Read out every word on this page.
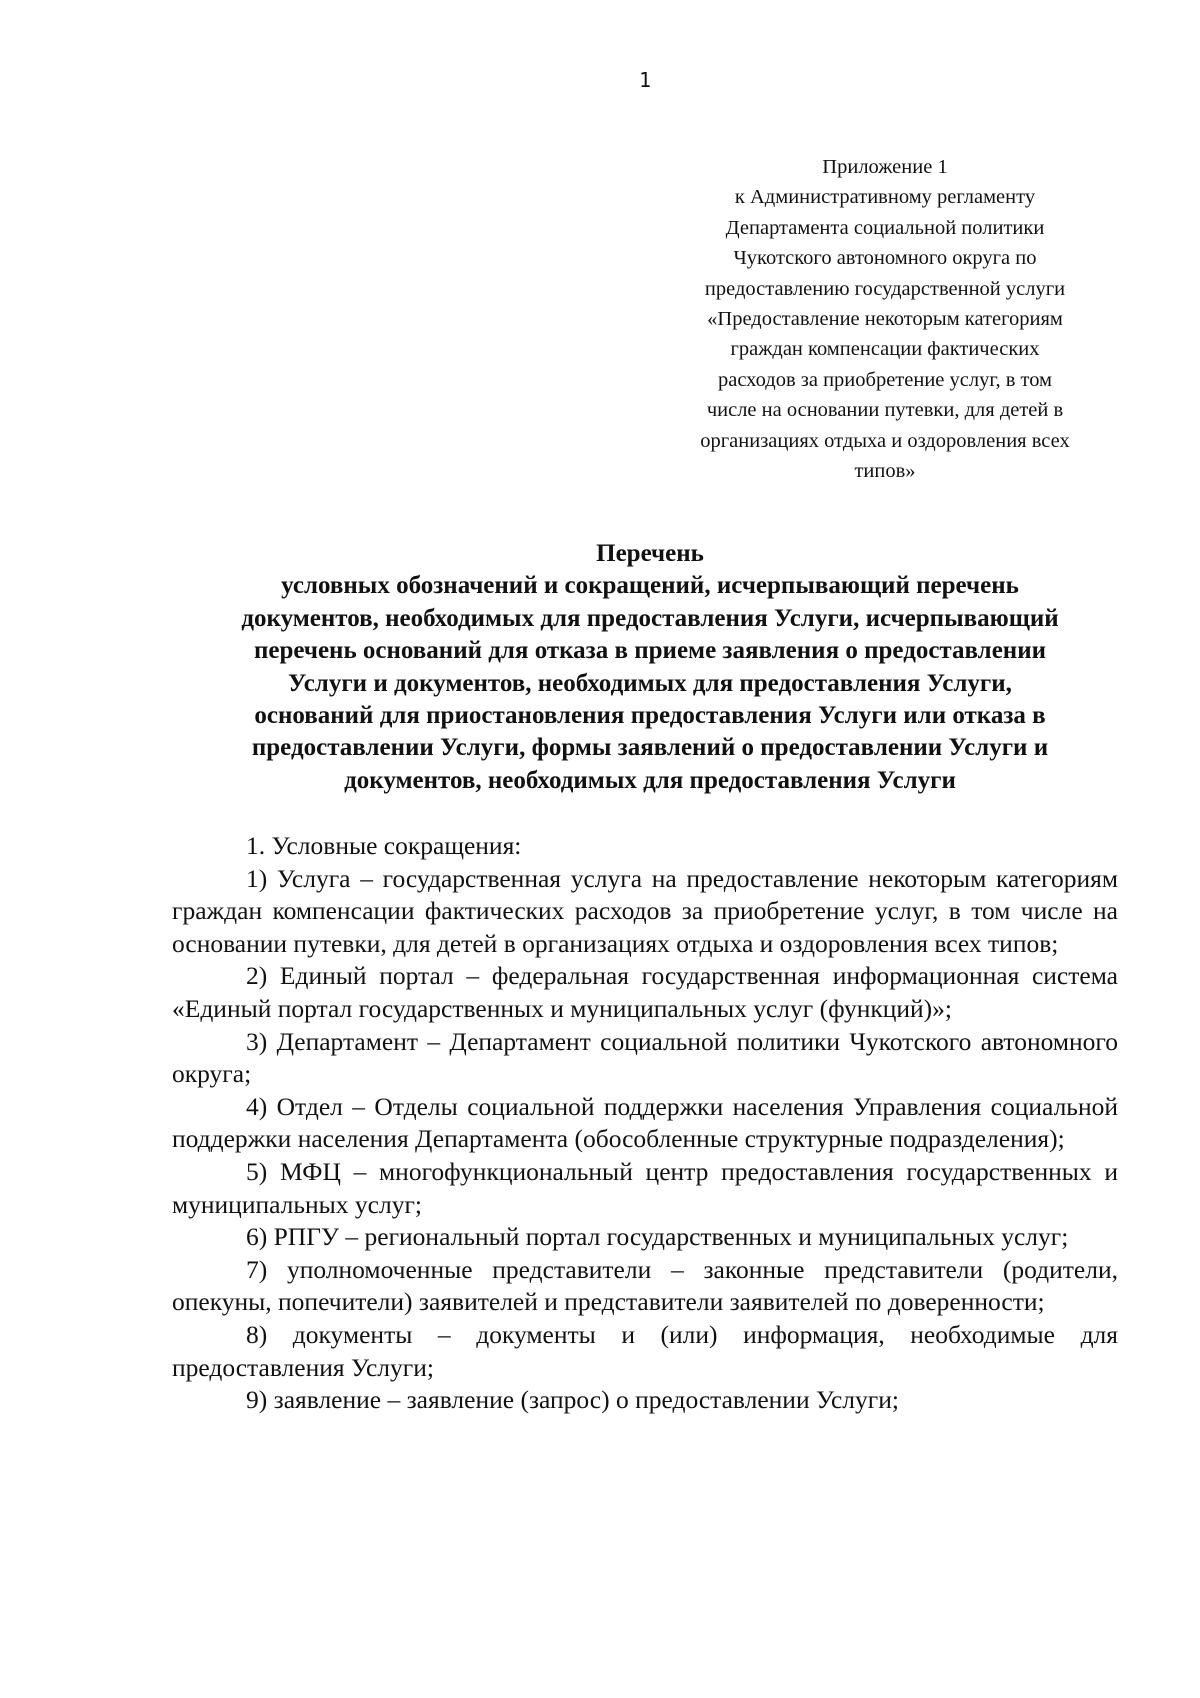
1
Приложение 1
к Административному регламенту
Департамента социальной политики
Чукотского автономного округа по
предоставлению государственной услуги
«Предоставление некоторым категориям
граждан компенсации фактических
расходов за приобретение услуг, в том
числе на основании путевки, для детей в
организациях отдыха и оздоровления всех
типов»
Перечень
условных обозначений и сокращений, исчерпывающий перечень
документов, необходимых для предоставления Услуги, исчерпывающий
перечень оснований для отказа в приеме заявления о предоставлении
Услуги и документов, необходимых для предоставления Услуги,
оснований для приостановления предоставления Услуги или отказа в
предоставлении Услуги, формы заявлений о предоставлении Услуги и
документов, необходимых для предоставления Услуги

1. Условные сокращения:

1) Услуга – государственная услуга на предоставление некоторым категориям граждан компенсации фактических расходов за приобретение услуг, в том числе на основании путевки, для детей в организациях отдыха и оздоровления всех типов;

2) Единый портал – федеральная государственная информационная система «Единый портал государственных и муниципальных услуг (функций)»;

3) Департамент – Департамент социальной политики Чукотского автономного округа;

4) Отдел – Отделы социальной поддержки населения Управления социальной поддержки населения Департамента (обособленные структурные подразделения);

5) МФЦ – многофункциональный центр предоставления государственных и муниципальных услуг;

6) РПГУ – региональный портал государственных и муниципальных услуг;

7) уполномоченные представители – законные представители (родители, опекуны, попечители) заявителей и представители заявителей по доверенности;

8) документы – документы и (или) информация, необходимые для предоставления Услуги;

9) заявление – заявление (запрос) о предоставлении Услуги;
